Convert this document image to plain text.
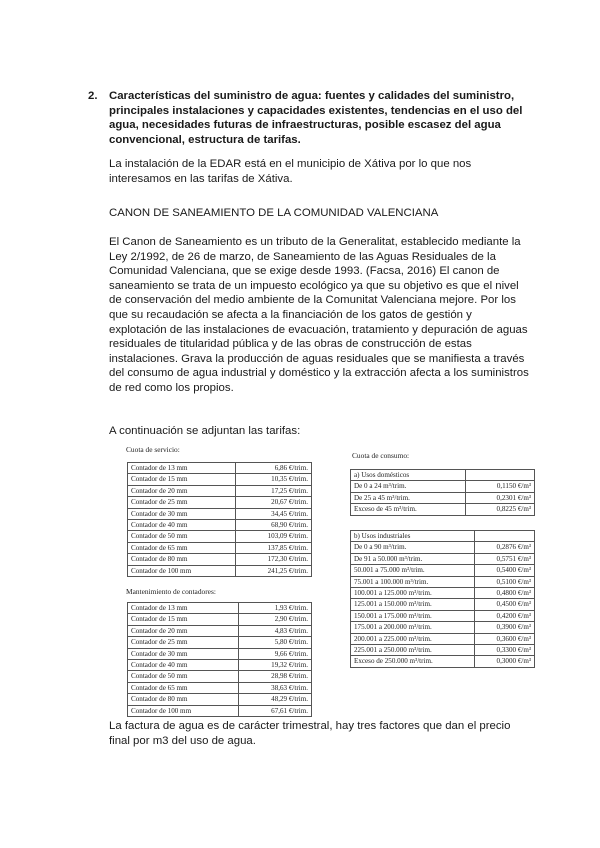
2. Características del suministro de agua: fuentes y calidades del suministro, principales instalaciones y capacidades existentes, tendencias en el uso del agua, necesidades futuras de infraestructuras, posible escasez del agua convencional, estructura de tarifas.
La instalación de la EDAR está en el municipio de Xátiva por lo que nos interesamos en las tarifas de Xátiva.
CANON DE SANEAMIENTO DE LA COMUNIDAD VALENCIANA
El Canon de Saneamiento es un tributo de la Generalitat, establecido mediante la Ley 2/1992, de 26 de marzo, de Saneamiento de las Aguas Residuales de la Comunidad Valenciana, que se exige desde 1993. (Facsa, 2016) El canon de saneamiento se trata de un impuesto ecológico ya que su objetivo es que el nivel de conservación del medio ambiente de la Comunitat Valenciana mejore. Por los que su recaudación se afecta a la financiación de los gatos de gestión y explotación de las instalaciones de evacuación, tratamiento y depuración de aguas residuales de titularidad pública y de las obras de construcción de estas instalaciones. Grava la producción de aguas residuales que se manifiesta a través del consumo de agua industrial y doméstico y la extracción afecta a los suministros de red como los propios.
A continuación se adjuntan las tarifas:
Cuota de servicio:
Contador de 13 mm	6,86 €/trim.
Contador de 15 mm	10,35 €/trim.
Contador de 20 mm	17,25 €/trim.
Contador de 25 mm	20,67 €/trim.
Contador de 30 mm	34,45 €/trim.
Contador de 40 mm	68,90 €/trim.
Contador de 50 mm	103,09 €/trim.
Contador de 65 mm	137,85 €/trim.
Contador de 80 mm	172,30 €/trim.
Contador de 100 mm	241,25 €/trim.
Mantenimiento de contadores:
Contador de 13 mm	1,93 €/trim.
Contador de 15 mm	2,90 €/trim.
Contador de 20 mm	4,83 €/trim.
Contador de 25 mm	5,80 €/trim.
Contador de 30 mm	9,66 €/trim.
Contador de 40 mm	19,32 €/trim.
Contador de 50 mm	28,98 €/trim.
Contador de 65 mm	38,63 €/trim.
Contador de 80 mm	48,29 €/trim.
Contador de 100 mm	67,61 €/trim.
Cuota de consumo:
a) Usos domésticos	
De 0 a 24 m³/trim.	0,1150 €/m³
De 25 a 45 m³/trim.	0,2301 €/m³
Exceso de 45 m³/trim.	0,8225 €/m³
b) Usos industriales	
De 0 a 90 m³/trim.	0,2876 €/m³
De 91 a 50.000 m³/trim.	0,5751 €/m³
50.001 a 75.000 m³/trim.	0,5400 €/m³
75.001 a 100.000 m³/trim.	0,5100 €/m³
100.001 a 125.000 m³/trim.	0,4800 €/m³
125.001 a 150.000 m³/trim.	0,4500 €/m³
150.001 a 175.000 m³/trim.	0,4200 €/m³
175.001 a 200.000 m³/trim.	0,3900 €/m³
200.001 a 225.000 m³/trim.	0,3600 €/m³
225.001 a 250.000 m³/trim.	0,3300 €/m³
Exceso de 250.000 m³/trim.	0,3000 €/m³
La factura de agua es de carácter trimestral, hay tres factores que dan el precio final por m3 del uso de agua.
